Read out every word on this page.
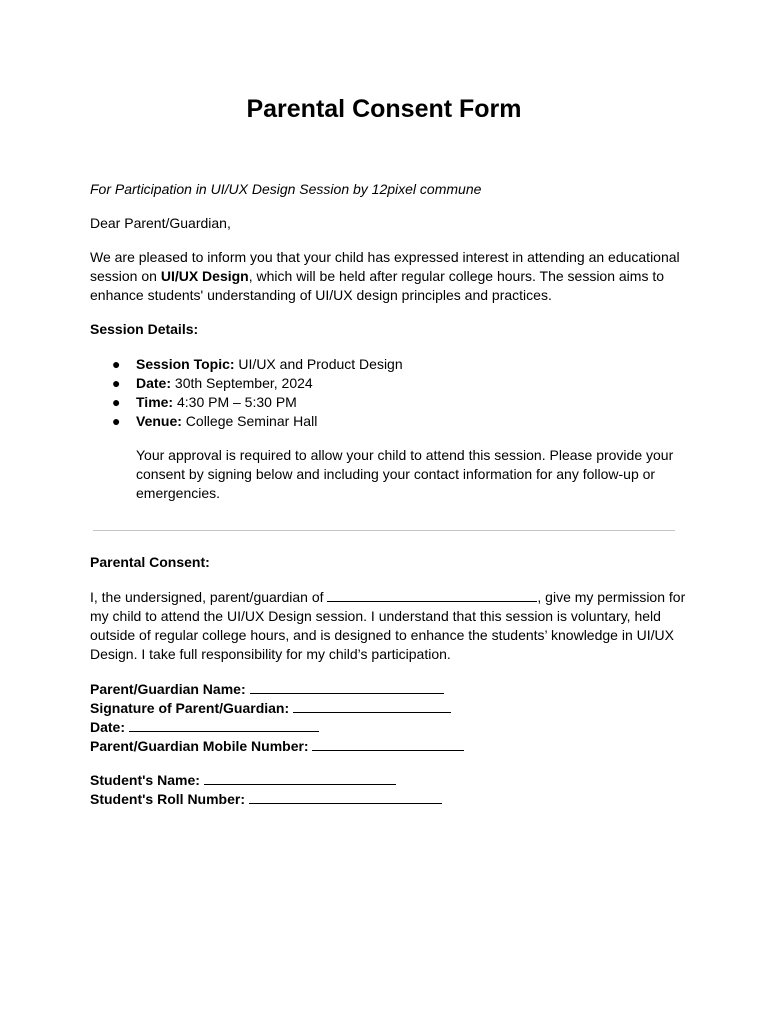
Parental Consent Form
For Participation in UI/UX Design Session by 12pixel commune
Dear Parent/Guardian,
We are pleased to inform you that your child has expressed interest in attending an educational session on UI/UX Design, which will be held after regular college hours. The session aims to enhance students' understanding of UI/UX design principles and practices.
Session Details:
● Session Topic: UI/UX and Product Design
● Date: 30th September, 2024
● Time: 4:30 PM – 5:30 PM
● Venue: College Seminar Hall
Your approval is required to allow your child to attend this session. Please provide your consent by signing below and including your contact information for any follow-up or emergencies.
Parental Consent:
I, the undersigned, parent/guardian of	, give my permission for my child to attend the UI/UX Design session. I understand that this session is voluntary, held outside of regular college hours, and is designed to enhance the students’ knowledge in UI/UX Design. I take full responsibility for my child’s participation.
Parent/Guardian Name:
Signature of Parent/Guardian:
Date:
Parent/Guardian Mobile Number:
Student's Name:
Student's Roll Number:
